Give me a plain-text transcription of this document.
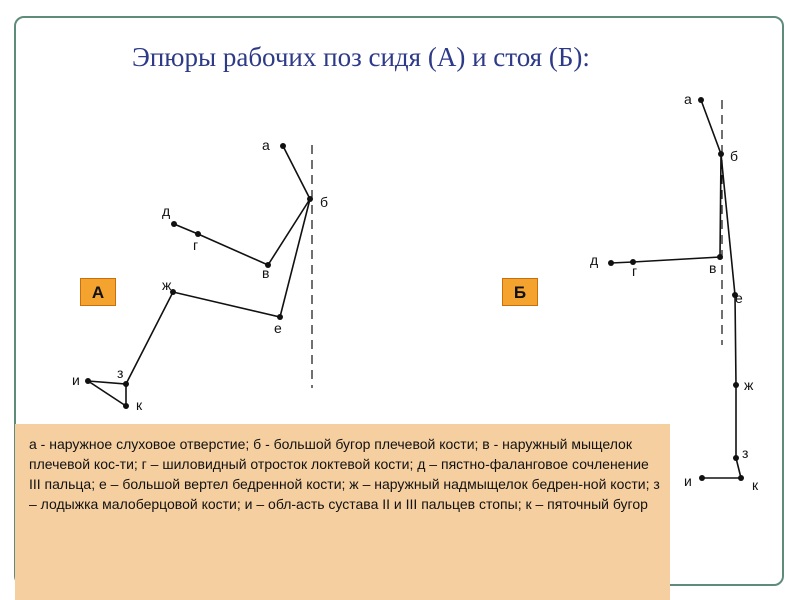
Эпюры рабочих поз сидя (А) и стоя (Б):
а
б
в
г
д
е
ж
з
и
к
а
б
в
г
д
е
ж
з
и	к
А	Б
а - наружное слуховое отверстие; б - большой бугор плечевой кости; в - наружный мыщелок плечевой кос-ти; г – шиловидный отросток локтевой кости; д – пястно-фаланговое сочленение III пальца; е – большой вертел бедренной кости; ж – наружный надмыщелок бедрен-ной кости; з – лодыжка малоберцовой кости; и – обл-асть сустава II и III пальцев стопы; к – пяточный бугор
